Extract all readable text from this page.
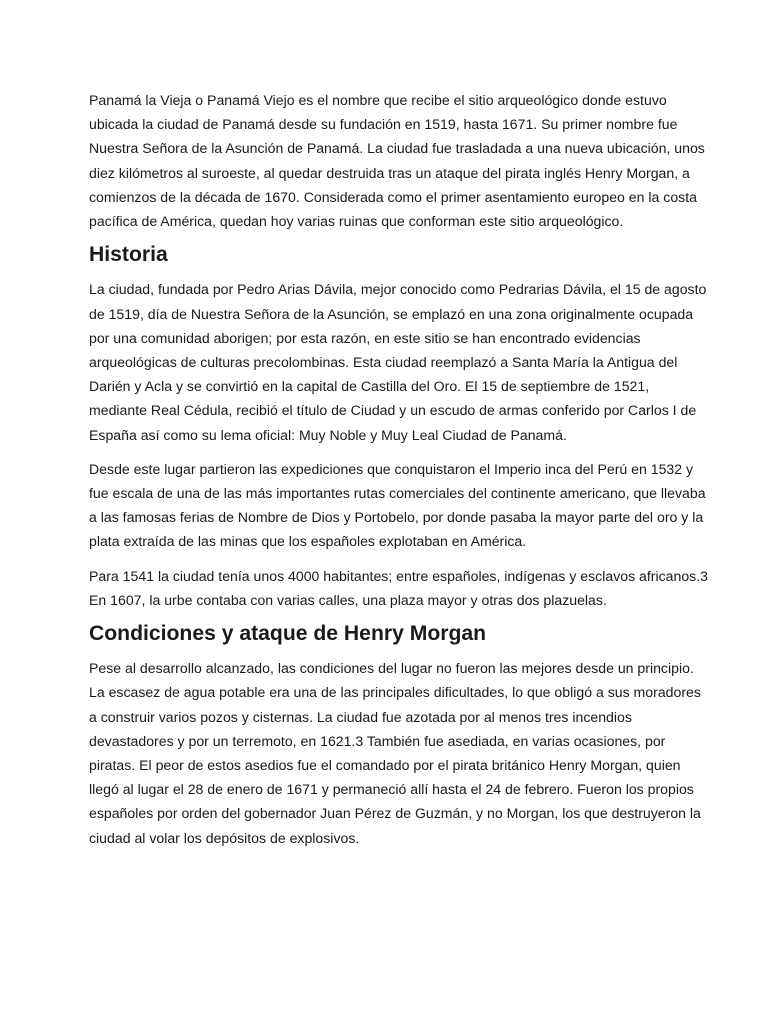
Panamá la Vieja o Panamá Viejo es el nombre que recibe el sitio arqueológico donde estuvo ubicada la ciudad de Panamá desde su fundación en 1519, hasta 1671. Su primer nombre fue Nuestra Señora de la Asunción de Panamá. La ciudad fue trasladada a una nueva ubicación, unos diez kilómetros al suroeste, al quedar destruida tras un ataque del pirata inglés Henry Morgan, a comienzos de la década de 1670. Considerada como el primer asentamiento europeo en la costa pacífica de América, quedan hoy varias ruinas que conforman este sitio arqueológico.

Historia

La ciudad, fundada por Pedro Arias Dávila, mejor conocido como Pedrarias Dávila, el 15 de agosto de 1519, día de Nuestra Señora de la Asunción, se emplazó en una zona originalmente ocupada por una comunidad aborigen; por esta razón, en este sitio se han encontrado evidencias arqueológicas de culturas precolombinas. Esta ciudad reemplazó a Santa María la Antigua del Darién y Acla y se convirtió en la capital de Castilla del Oro. El 15 de septiembre de 1521, mediante Real Cédula, recibió el título de Ciudad y un escudo de armas conferido por Carlos I de España así como su lema oficial: Muy Noble y Muy Leal Ciudad de Panamá.

Desde este lugar partieron las expediciones que conquistaron el Imperio inca del Perú en 1532 y fue escala de una de las más importantes rutas comerciales del continente americano, que llevaba a las famosas ferias de Nombre de Dios y Portobelo, por donde pasaba la mayor parte del oro y la plata extraída de las minas que los españoles explotaban en América.

Para 1541 la ciudad tenía unos 4000 habitantes; entre españoles, indígenas y esclavos africanos.3 En 1607, la urbe contaba con varias calles, una plaza mayor y otras dos plazuelas.

Condiciones y ataque de Henry Morgan

Pese al desarrollo alcanzado, las condiciones del lugar no fueron las mejores desde un principio. La escasez de agua potable era una de las principales dificultades, lo que obligó a sus moradores a construir varios pozos y cisternas. La ciudad fue azotada por al menos tres incendios devastadores y por un terremoto, en 1621.3 También fue asediada, en varias ocasiones, por piratas. El peor de estos asedios fue el comandado por el pirata británico Henry Morgan, quien llegó al lugar el 28 de enero de 1671 y permaneció allí hasta el 24 de febrero. Fueron los propios españoles por orden del gobernador Juan Pérez de Guzmán, y no Morgan, los que destruyeron la ciudad al volar los depósitos de explosivos.
